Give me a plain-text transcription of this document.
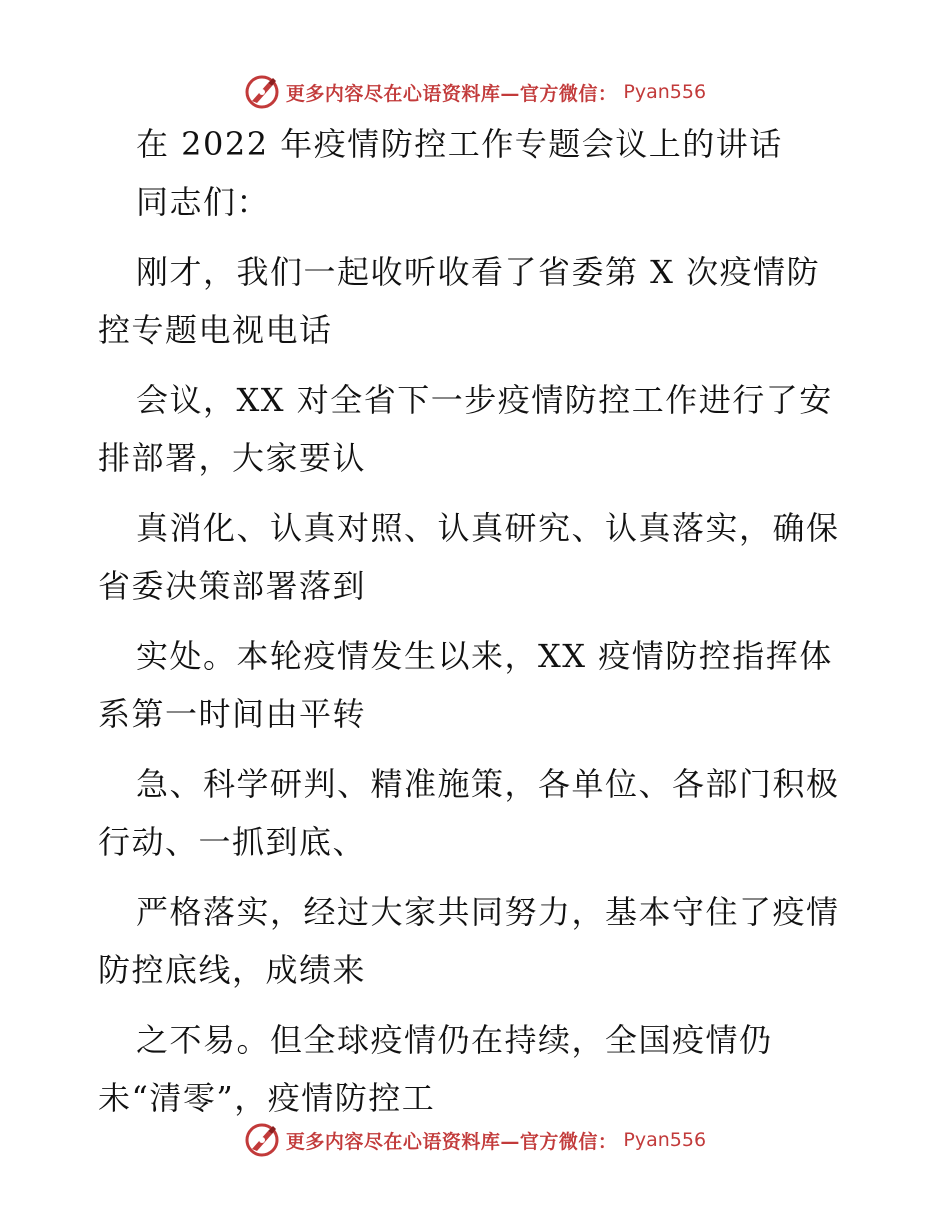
更多内容尽在心语资料库—官方微信： Pyan556
在 2022 年疫情防控工作专题会议上的讲话
同志们：
刚才，我们一起收听收看了省委第 X 次疫情防
控专题电视电话
会议，XX 对全省下一步疫情防控工作进行了安
排部署，大家要认
真消化、认真对照、认真研究、认真落实，确保
省委决策部署落到
实处。本轮疫情发生以来，XX 疫情防控指挥体
系第一时间由平转
急、科学研判、精准施策，各单位、各部门积极
行动、一抓到底、
严格落实，经过大家共同努力，基本守住了疫情
防控底线，成绩来
之不易。但全球疫情仍在持续，全国疫情仍
未“清零”，疫情防控工
更多内容尽在心语资料库—官方微信： Pyan556
